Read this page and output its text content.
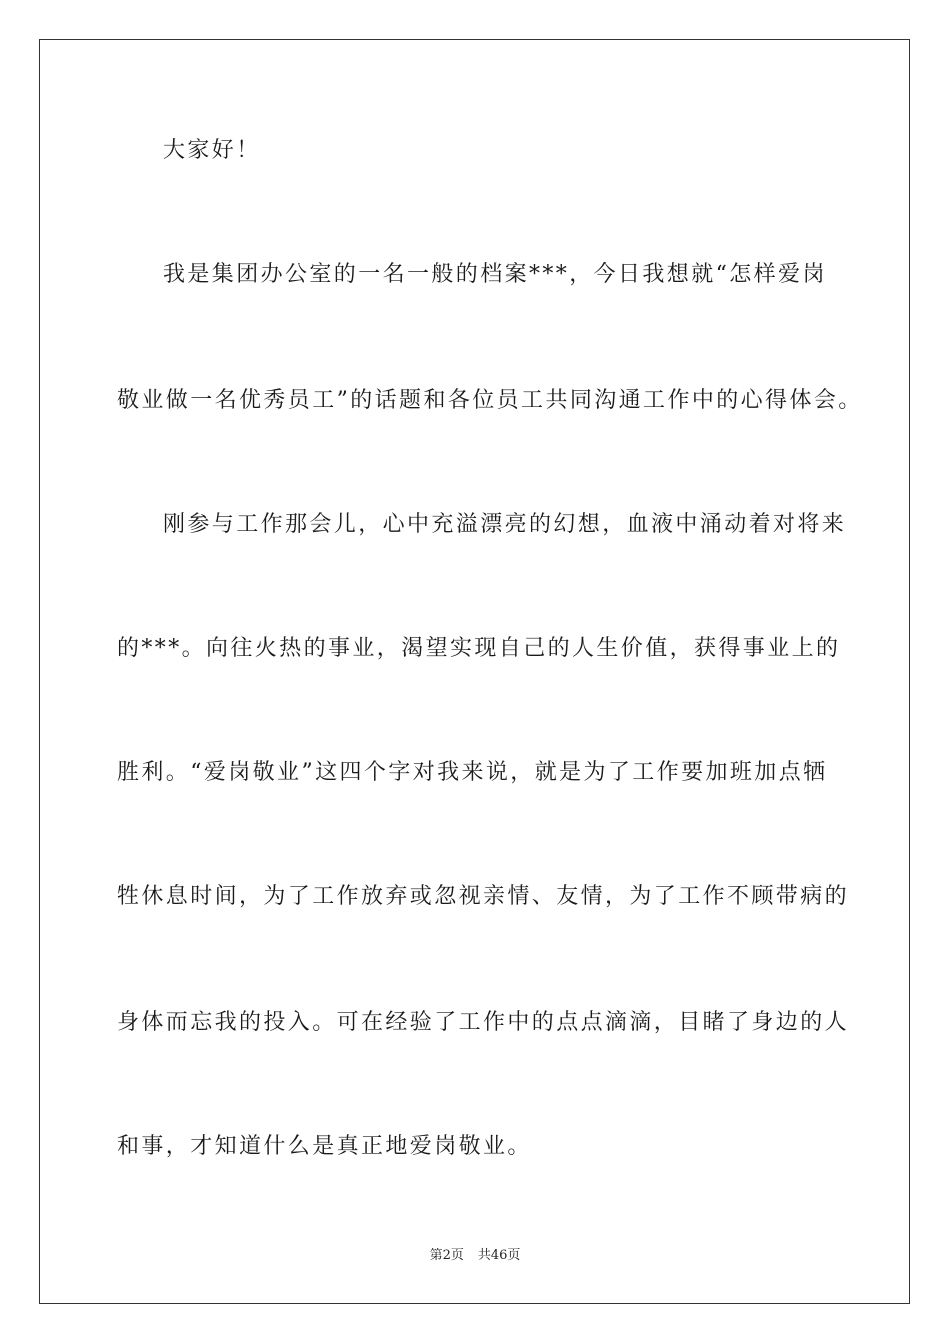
大家好！
我是集团办公室的一名一般的档案***，今日我想就“怎样爱岗
敬业做一名优秀员工”的话题和各位员工共同沟通工作中的心得体会。
刚参与工作那会儿，心中充溢漂亮的幻想，血液中涌动着对将来
的***。向往火热的事业，渴望实现自己的人生价值，获得事业上的
胜利。“爱岗敬业”这四个字对我来说，就是为了工作要加班加点牺
牲休息时间，为了工作放弃或忽视亲情、友情，为了工作不顾带病的
身体而忘我的投入。可在经验了工作中的点点滴滴，目睹了身边的人
和事，才知道什么是真正地爱岗敬业。
第2页 共46页
